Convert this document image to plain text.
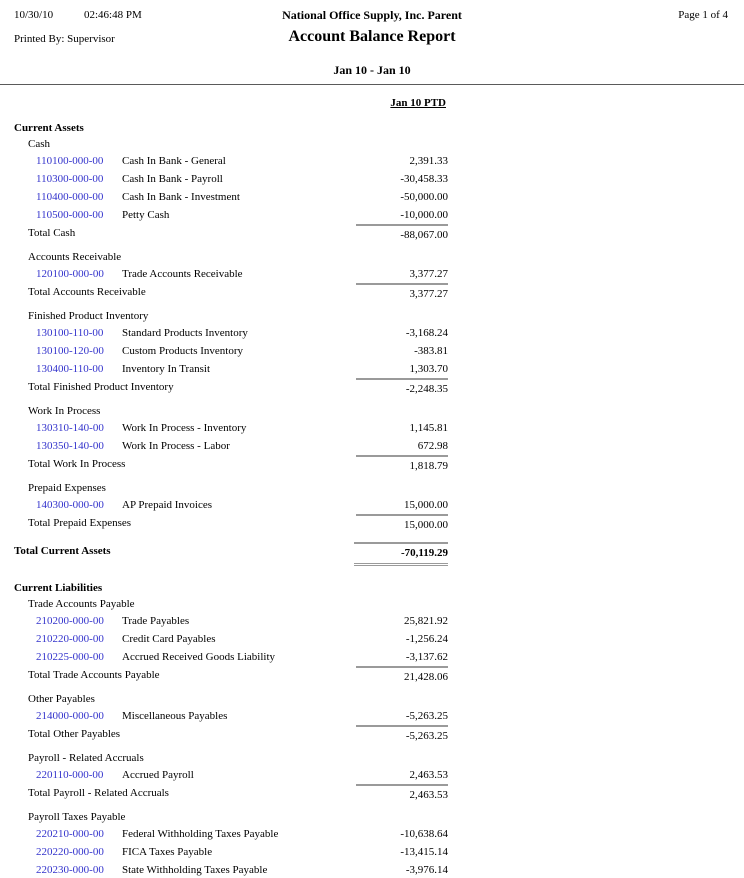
10/30/10	02:46:48 PM	National Office Supply, Inc. Parent	Page 1 of 4
Printed By: Supervisor	Account Balance Report
Jan 10 - Jan 10
Jan 10 PTD
Current Assets
Cash
110100-000-00 Cash In Bank - General	2,391.33
110300-000-00 Cash In Bank - Payroll	-30,458.33
110400-000-00 Cash In Bank - Investment	-50,000.00
110500-000-00 Petty Cash	-10,000.00
Total Cash	-88,067.00
Accounts Receivable
120100-000-00 Trade Accounts Receivable	3,377.27
Total Accounts Receivable	3,377.27
Finished Product Inventory
130100-110-00 Standard Products Inventory	-3,168.24
130100-120-00 Custom Products Inventory	-383.81
130400-110-00 Inventory In Transit	1,303.70
Total Finished Product Inventory	-2,248.35
Work In Process
130310-140-00 Work In Process - Inventory	1,145.81
130350-140-00 Work In Process - Labor	672.98
Total Work In Process	1,818.79
Prepaid Expenses
140300-000-00 AP Prepaid Invoices	15,000.00
Total Prepaid Expenses	15,000.00
Total Current Assets	-70,119.29
Current Liabilities
Trade Accounts Payable
210200-000-00 Trade Payables	25,821.92
210220-000-00 Credit Card Payables	-1,256.24
210225-000-00 Accrued Received Goods Liability	-3,137.62
Total Trade Accounts Payable	21,428.06
Other Payables
214000-000-00 Miscellaneous Payables	-5,263.25
Total Other Payables	-5,263.25
Payroll - Related Accruals
220110-000-00 Accrued Payroll	2,463.53
Total Payroll - Related Accruals	2,463.53
Payroll Taxes Payable
220210-000-00 Federal Withholding Taxes Payable	-10,638.64
220220-000-00 FICA Taxes Payable	-13,415.14
220230-000-00 State Withholding Taxes Payable	-3,976.14
